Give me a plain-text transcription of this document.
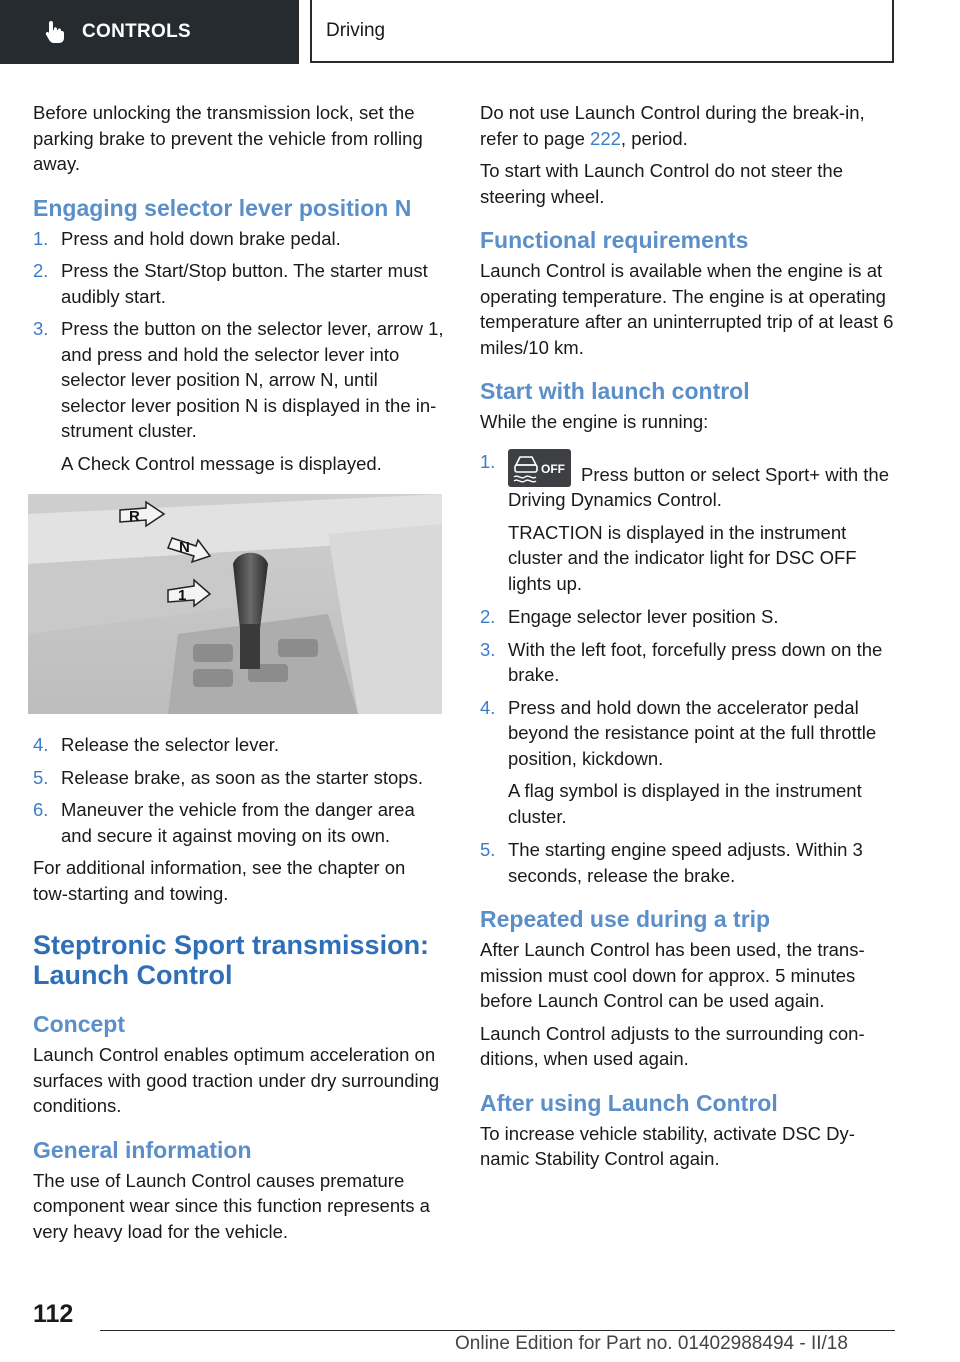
CONTROLS	Driving

Before unlocking the transmission lock, set the parking brake to prevent the vehicle from rolling away.

Engaging selector lever position N
1. Press and hold down brake pedal.
2. Press the Start/Stop button. The starter must audibly start.
3. Press the button on the selector lever, arrow 1, and press and hold the selector lever into selector lever position N, arrow N, until selector lever position N is displayed in the instrument cluster.
A Check Control message is displayed.
R
N
1
4. Release the selector lever.
5. Release brake, as soon as the starter stops.
6. Maneuver the vehicle from the danger area and secure it against moving on its own.

For additional information, see the chapter on tow-starting and towing.

Steptronic Sport transmission: Launch Control
Concept

Launch Control enables optimum acceleration on surfaces with good traction under dry surrounding conditions.

General information

The use of Launch Control causes premature component wear since this function represents a very heavy load for the vehicle.

Do not use Launch Control during the break-in, refer to page 222, period.

To start with Launch Control do not steer the steering wheel.

Functional requirements

Launch Control is available when the engine is at operating temperature. The engine is at operating temperature after an uninterrupted trip of at least 6 miles/10 km.

Start with launch control

While the engine is running:

1.	OFF Press button or select Sport+ with the Driving Dynamics Control.
TRACTION is displayed in the instrument cluster and the indicator light for DSC OFF lights up.
2. Engage selector lever position S.
3. With the left foot, forcefully press down on the brake.
4. Press and hold down the accelerator pedal beyond the resistance point at the full throttle position, kickdown.
A flag symbol is displayed in the instrument cluster.
5. The starting engine speed adjusts. Within 3 seconds, release the brake.
Repeated use during a trip

After Launch Control has been used, the transmission must cool down for approx. 5 minutes before Launch Control can be used again.

Launch Control adjusts to the surrounding conditions, when used again.

After using Launch Control

To increase vehicle stability, activate DSC Dynamic Stability Control again.

112
Online Edition for Part no. 01402988494 - II/18
